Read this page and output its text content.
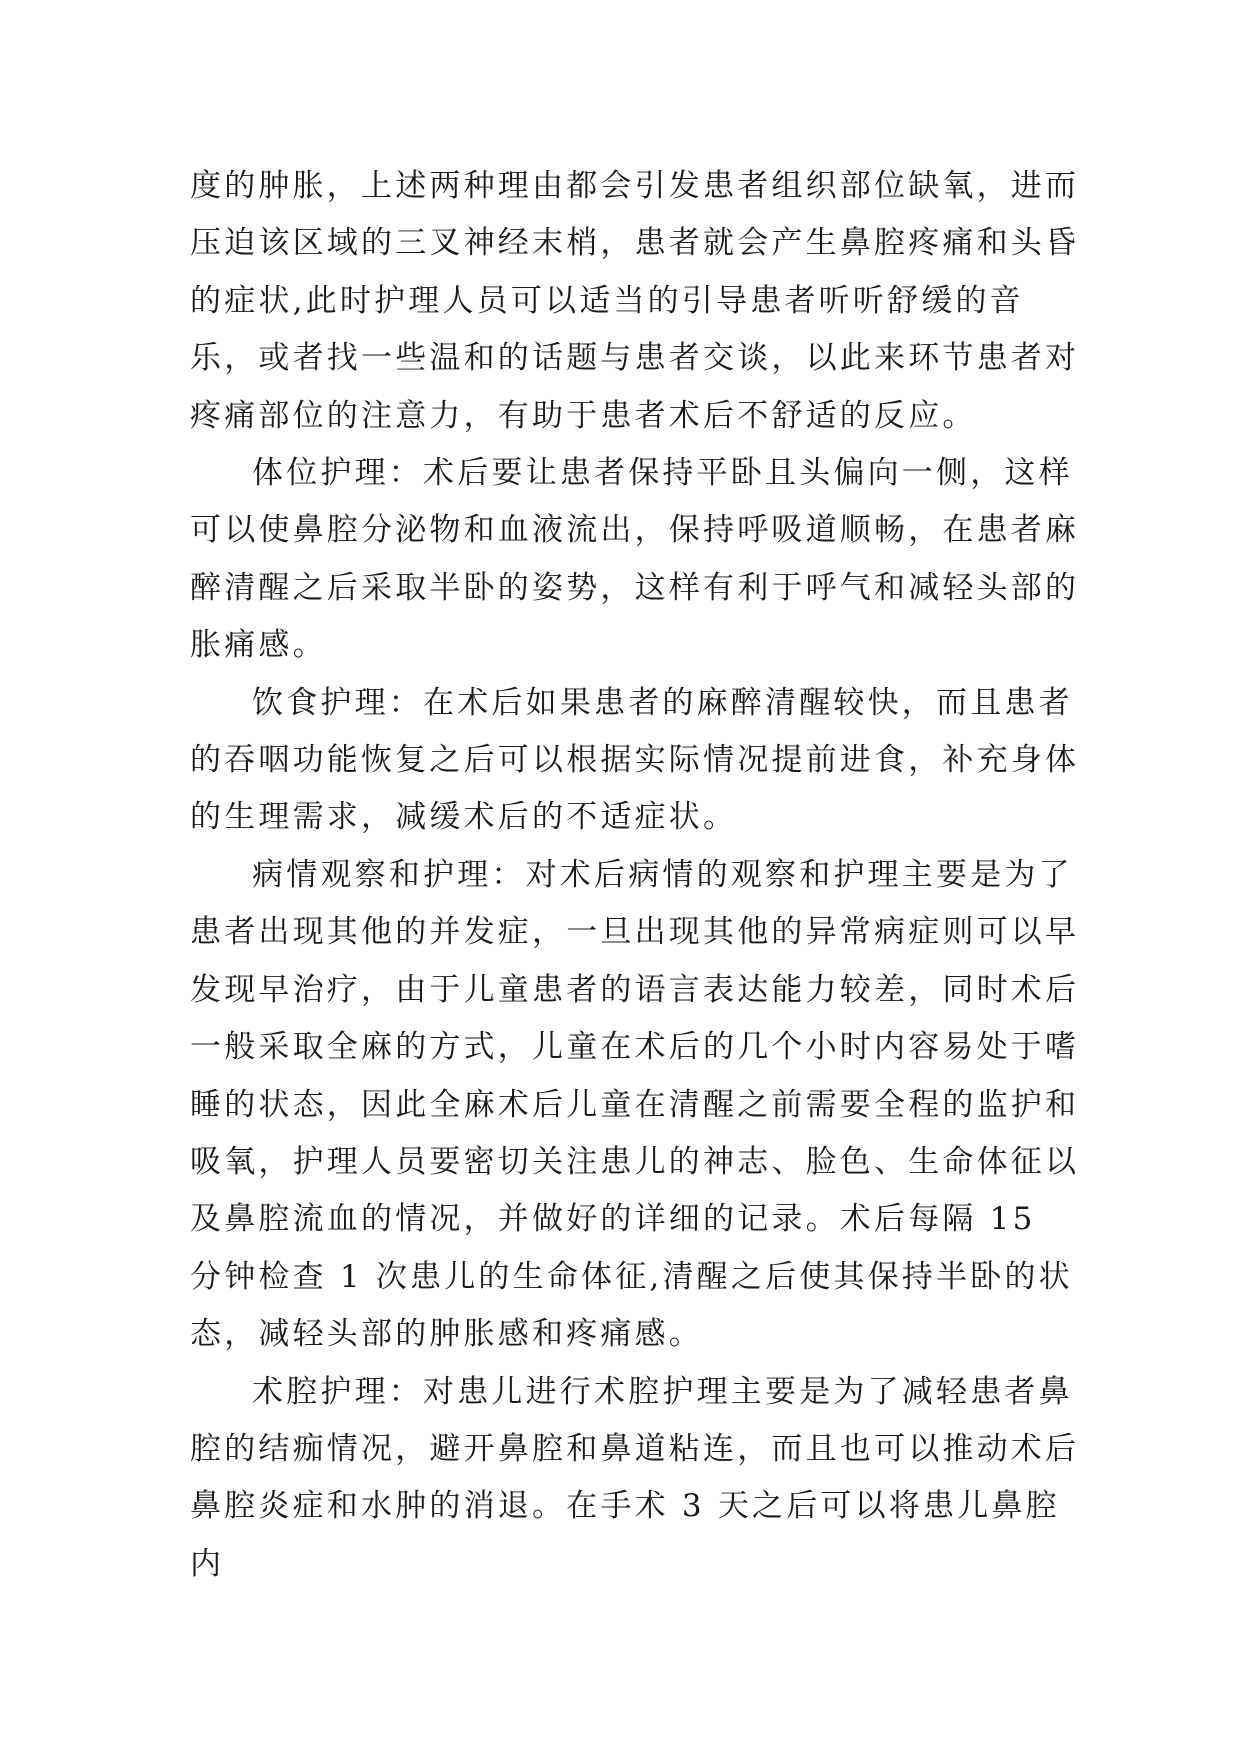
度的肿胀，上述两种理由都会引发患者组织部位缺氧，进而压迫该区域的三叉神经末梢，患者就会产生鼻腔疼痛和头昏的症状,此时护理人员可以适当的引导患者听听舒缓的音乐，或者找一些温和的话题与患者交谈，以此来环节患者对疼痛部位的注意力，有助于患者术后不舒适的反应。

体位护理：术后要让患者保持平卧且头偏向一侧，这样可以使鼻腔分泌物和血液流出，保持呼吸道顺畅，在患者麻醉清醒之后采取半卧的姿势，这样有利于呼气和减轻头部的胀痛感。

饮食护理：在术后如果患者的麻醉清醒较快，而且患者的吞咽功能恢复之后可以根据实际情况提前进食，补充身体的生理需求，减缓术后的不适症状。

病情观察和护理：对术后病情的观察和护理主要是为了患者出现其他的并发症，一旦出现其他的异常病症则可以早发现早治疗，由于儿童患者的语言表达能力较差，同时术后一般采取全麻的方式，儿童在术后的几个小时内容易处于嗜睡的状态，因此全麻术后儿童在清醒之前需要全程的监护和吸氧，护理人员要密切关注患儿的神志、脸色、生命体征以及鼻腔流血的情况，并做好的详细的记录。术后每隔 15 分钟检查 1 次患儿的生命体征,清醒之后使其保持半卧的状态，减轻头部的肿胀感和疼痛感。

术腔护理：对患儿进行术腔护理主要是为了减轻患者鼻腔的结痂情况，避开鼻腔和鼻道粘连，而且也可以推动术后鼻腔炎症和水肿的消退。在手术 3 天之后可以将患儿鼻腔内
